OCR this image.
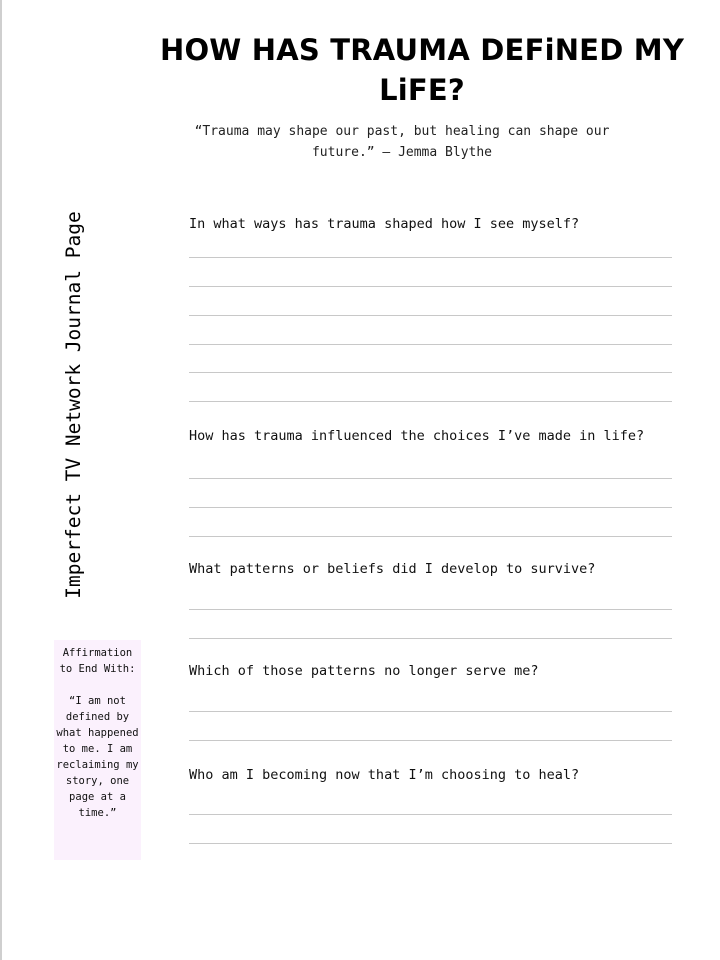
HOW HAS TRAUMA DEFiNED MY LiFE?

“Trauma may shape our past, but healing can shape our future.” — Jemma Blythe

Imperfect TV Network Journal Page
Affirmation to End With:
“I am not defined by what happened to me. I am reclaiming my story, one page at a time.”

In what ways has trauma shaped how I see myself?

How has trauma influenced the choices I’ve made in life?

What patterns or beliefs did I develop to survive?

Which of those patterns no longer serve me?

Who am I becoming now that I’m choosing to heal?
